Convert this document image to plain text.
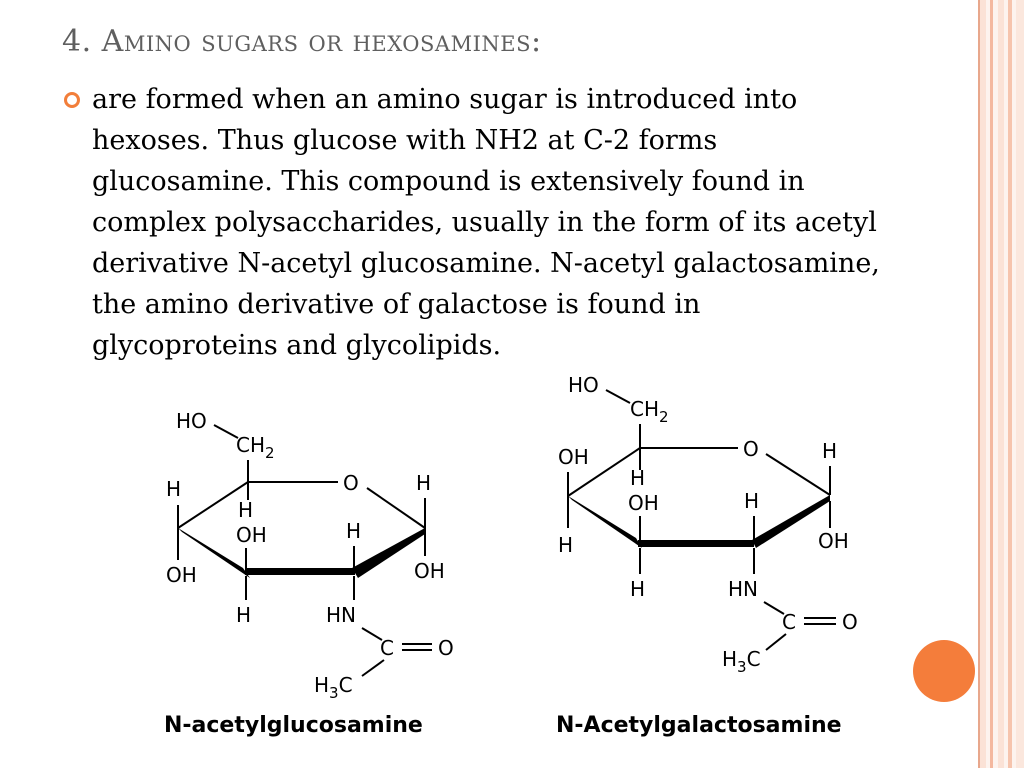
4. Amino sugars or hexosamines:
are formed when an amino sugar is introduced into hexoses. Thus glucose with NH2 at C-2 forms glucosamine. This compound is extensively found in complex polysaccharides, usually in the form of its acetyl derivative N-acetyl glucosamine. N-acetyl galactosamine, the amino derivative of galactose is found in glycoproteins and glycolipids.
HO
$CH_2$
O
H
OH
H
OH
H
H
HN
H
OH
C O
$H_3C$
N-acetylglucosamine
HO
$CH_2$
O
OH
H
H
OH
H
H
HN
H
OH
C O
$H_3C$
N-Acetylgalactosamine
